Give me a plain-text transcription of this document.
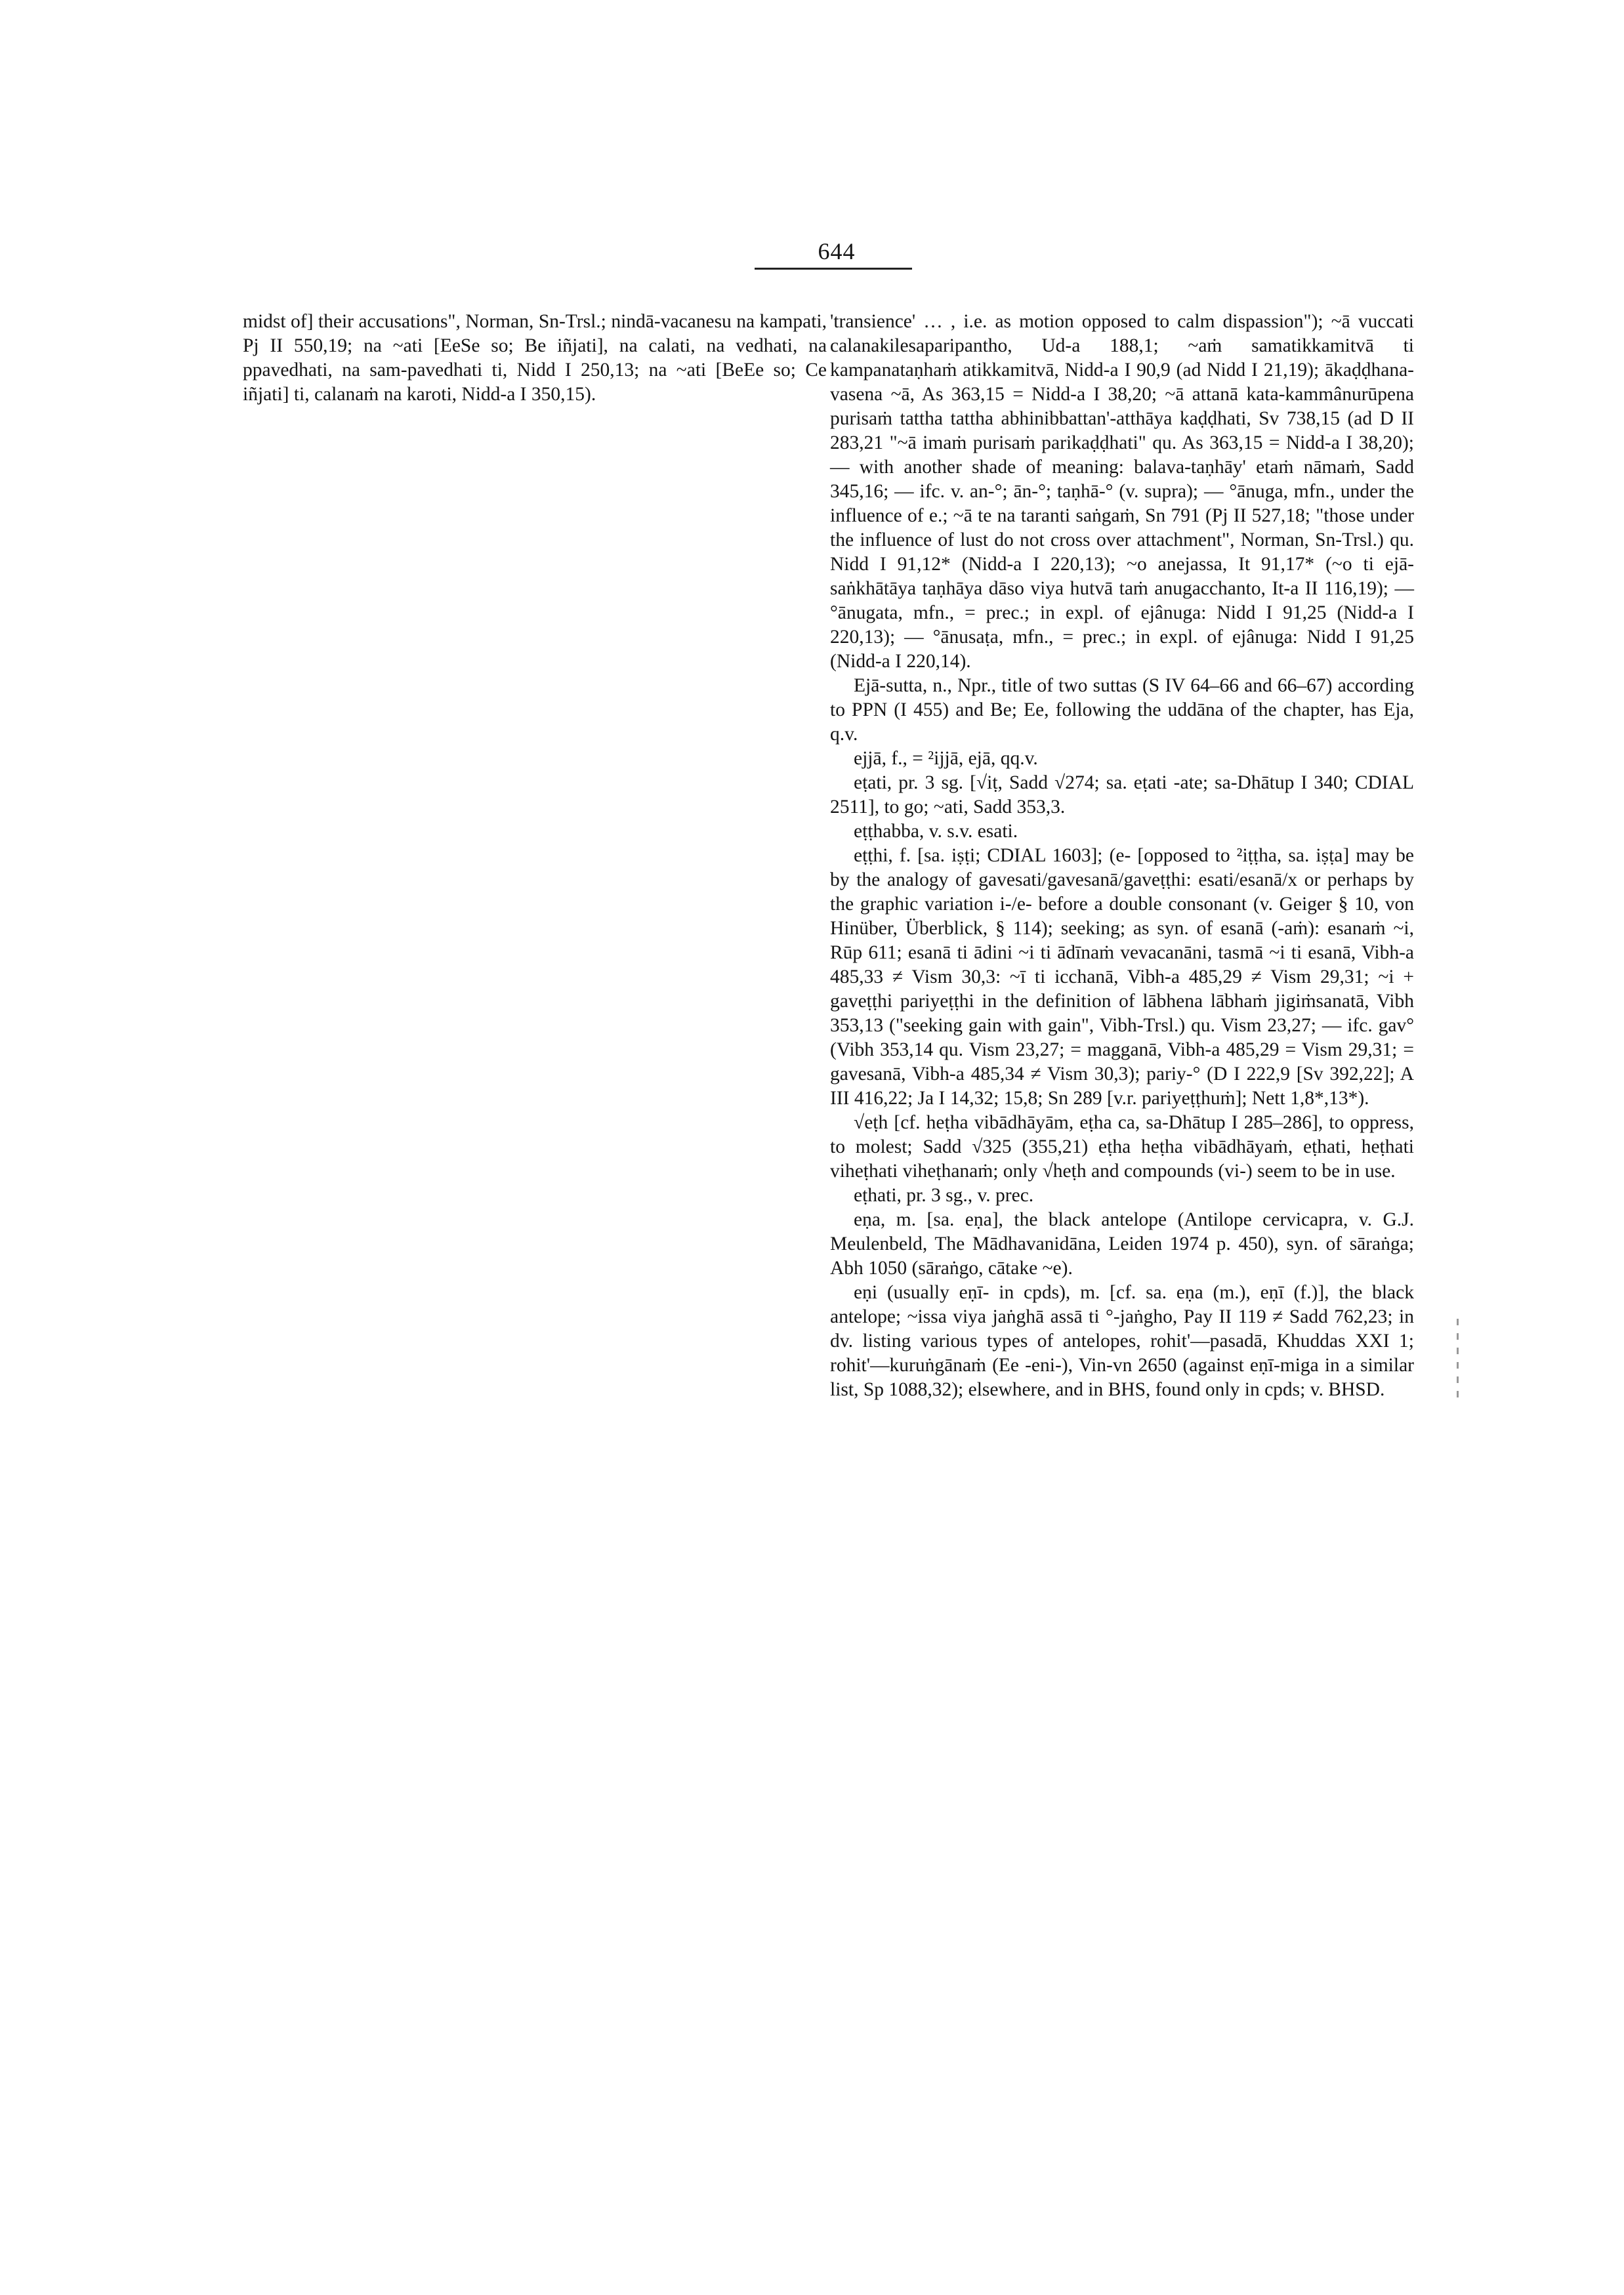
644

midst of] their accusations", Norman, Sn-Trsl.; nindā-vacanesu na kampati, Pj II 550,19; na ~ati [EeSe so; Be iñjati], na calati, na vedhati, na ppavedhati, na sam-pavedhati ti, Nidd I 250,13; na ~ati [BeEe so; Ce iñjati] ti, calanaṁ na karoti, Nidd-a I 350,15).

'transience' … , i.e. as motion opposed to calm dispassion"); ~ā vuccati calanakilesaparipantho, Ud-a 188,1; ~aṁ samatikkamitvā ti kampanataṇhaṁ atikkamitvā, Nidd-a I 90,9 (ad Nidd I 21,19); ākaḍḍhana-vasena ~ā, As 363,15 = Nidd-a I 38,20; ~ā attanā kata-kammânurūpena purisaṁ tattha tattha abhinibbattan'-atthāya kaḍḍhati, Sv 738,15 (ad D II 283,21 "~ā imaṁ purisaṁ parikaḍḍhati" qu. As 363,15 = Nidd-a I 38,20); — with another shade of meaning: balava-taṇhāy' etaṁ nāmaṁ, Sadd 345,16; — ifc. v. an-°; ān-°; taṇhā-° (v. supra); — °ānuga, mfn., under the influence of e.; ~ā te na taranti saṅgaṁ, Sn 791 (Pj II 527,18; "those under the influence of lust do not cross over attachment", Norman, Sn-Trsl.) qu. Nidd I 91,12* (Nidd-a I 220,13); ~o anejassa, It 91,17* (~o ti ejā-saṅkhātāya taṇhāya dāso viya hutvā taṁ anugacchanto, It-a II 116,19); — °ānugata, mfn., = prec.; in expl. of ejânuga: Nidd I 91,25 (Nidd-a I 220,13); — °ānusaṭa, mfn., = prec.; in expl. of ejânuga: Nidd I 91,25 (Nidd-a I 220,14).

Ejā-sutta, n., Npr., title of two suttas (S IV 64–66 and 66–67) according to PPN (I 455) and Be; Ee, following the uddāna of the chapter, has Eja, q.v.

ejjā, f., = ²ijjā, ejā, qq.v.

eṭati, pr. 3 sg. [√iṭ, Sadd √274; sa. eṭati -ate; sa-Dhātup I 340; CDIAL 2511], to go; ~ati, Sadd 353,3.

eṭṭhabba, v. s.v. esati.

eṭṭhi, f. [sa. iṣṭi; CDIAL 1603]; (e- [opposed to ²iṭṭha, sa. iṣṭa] may be by the analogy of gavesati/gavesanā/gaveṭṭhi: esati/esanā/x or perhaps by the graphic variation i-/e- before a double consonant (v. Geiger § 10, von Hinüber, Überblick, § 114); seeking; as syn. of esanā (-aṁ): esanaṁ ~i, Rūp 611; esanā ti ādini ~i ti ādīnaṁ vevacanāni, tasmā ~i ti esanā, Vibh-a 485,33 ≠ Vism 30,3: ~ī ti icchanā, Vibh-a 485,29 ≠ Vism 29,31; ~i + gaveṭṭhi pariyeṭṭhi in the definition of lābhena lābhaṁ jigiṁsanatā, Vibh 353,13 ("seeking gain with gain", Vibh-Trsl.) qu. Vism 23,27; — ifc. gav° (Vibh 353,14 qu. Vism 23,27; = magganā, Vibh-a 485,29 = Vism 29,31; = gavesanā, Vibh-a 485,34 ≠ Vism 30,3); pariy-° (D I 222,9 [Sv 392,22]; A III 416,22; Ja I 14,32; 15,8; Sn 289 [v.r. pariyeṭṭhuṁ]; Nett 1,8*,13*).

√eṭh [cf. heṭha vibādhāyām, eṭha ca, sa-Dhātup I 285–286], to oppress, to molest; Sadd √325 (355,21) eṭha heṭha vibādhāyaṁ, eṭhati, heṭhati viheṭhati viheṭhanaṁ; only √heṭh and compounds (vi-) seem to be in use.

eṭhati, pr. 3 sg., v. prec.

eṇa, m. [sa. eṇa], the black antelope (Antilope cervicapra, v. G.J. Meulenbeld, The Mādhavanidāna, Leiden 1974 p. 450), syn. of sāraṅga; Abh 1050 (sāraṅgo, cātake ~e).

eṇi (usually eṇī- in cpds), m. [cf. sa. eṇa (m.), eṇī (f.)], the black antelope; ~issa viya jaṅghā assā ti °-jaṅgho, Pay II 119 ≠ Sadd 762,23; in dv. listing various types of antelopes, rohit'—pasadā, Khuddas XXI 1; rohit'—kuruṅgānaṁ (Ee -eni-), Vin-vn 2650 (against eṇī-miga in a similar list, Sp 1088,32); elsewhere, and in BHS, found only in cpds; v. BHSD.
